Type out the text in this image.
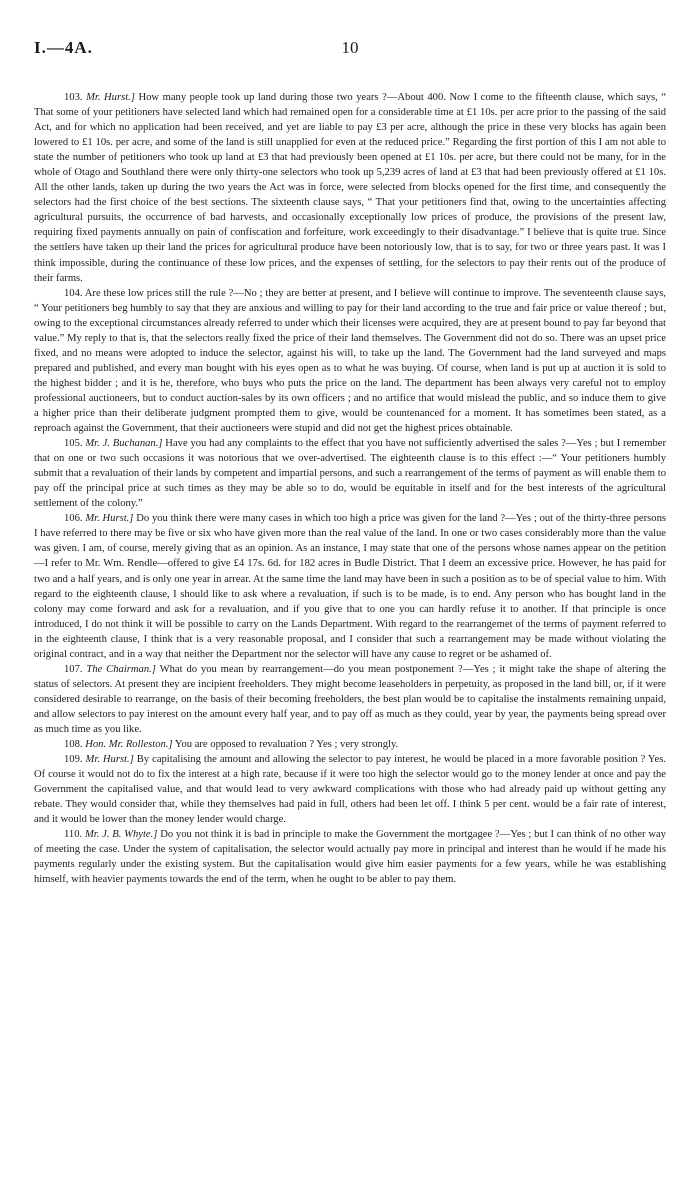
I.—4A.	10

103. Mr. Hurst.] How many people took up land during those two years ?—About 400. Now I come to the fifteenth clause, which says, “ That some of your petitioners have selected land which had remained open for a considerable time at £1 10s. per acre prior to the passing of the said Act, and for which no application had been received, and yet are liable to pay £3 per acre, although the price in these very blocks has again been lowered to £1 10s. per acre, and some of the land is still unapplied for even at the reduced price.” Regarding the first portion of this I am not able to state the number of petitioners who took up land at £3 that had previously been opened at £1 10s. per acre, but there could not be many, for in the whole of Otago and Southland there were only thirty-one selectors who took up 5,239 acres of land at £3 that had been previously offered at £1 10s. All the other lands, taken up during the two years the Act was in force, were selected from blocks opened for the first time, and consequently the selectors had the first choice of the best sections. The sixteenth clause says, “ That your petitioners find that, owing to the uncertainties affecting agricultural pursuits, the occurrence of bad harvests, and occasionally exceptionally low prices of produce, the provisions of the present law, requiring fixed payments annually on pain of confiscation and forfeiture, work exceedingly to their disadvantage.” I believe that is quite true. Since the settlers have taken up their land the prices for agricultural produce have been notoriously low, that is to say, for two or three years past. It was I think impossible, during the continuance of these low prices, and the expenses of settling, for the selectors to pay their rents out of the produce of their farms.

104. Are these low prices still the rule ?—No ; they are better at present, and I believe will continue to improve. The seventeenth clause says, “ Your petitioners beg humbly to say that they are anxious and willing to pay for their land according to the true and fair price or value thereof ; but, owing to the exceptional circumstances already referred to under which their licenses were acquired, they are at present bound to pay far beyond that value.” My reply to that is, that the selectors really fixed the price of their land themselves. The Government did not do so. There was an upset price fixed, and no means were adopted to induce the selector, against his will, to take up the land. The Government had the land surveyed and maps prepared and published, and every man bought with his eyes open as to what he was buying. Of course, when land is put up at auction it is sold to the highest bidder ; and it is he, therefore, who buys who puts the price on the land. The department has been always very careful not to employ professional auctioneers, but to conduct auction-sales by its own officers ; and no artifice that would mislead the public, and so induce them to give a higher price than their deliberate judgment prompted them to give, would be countenanced for a moment. It has sometimes been stated, as a reproach against the Government, that their auctioneers were stupid and did not get the highest prices obtainable.

105. Mr. J. Buchanan.] Have you had any complaints to the effect that you have not sufficiently advertised the sales ?—Yes ; but I remember that on one or two such occasions it was notorious that we over-advertised. The eighteenth clause is to this effect :—“ Your petitioners humbly submit that a revaluation of their lands by competent and impartial persons, and such a rearrangement of the terms of payment as will enable them to pay off the principal price at such times as they may be able so to do, would be equitable in itself and for the best interests of the agricultural settlement of the colony.”

106. Mr. Hurst.] Do you think there were many cases in which too high a price was given for the land ?—Yes ; out of the thirty-three persons I have referred to there may be five or six who have given more than the real value of the land. In one or two cases considerably more than the value was given. I am, of course, merely giving that as an opinion. As an instance, I may state that one of the persons whose names appear on the petition—I refer to Mr. Wm. Rendle—offered to give £4 17s. 6d. for 182 acres in Budle District. That I deem an excessive price. However, he has paid for two and a half years, and is only one year in arrear. At the same time the land may have been in such a position as to be of special value to him. With regard to the eighteenth clause, I should like to ask where a revaluation, if such is to be made, is to end. Any person who has bought land in the colony may come forward and ask for a revaluation, and if you give that to one you can hardly refuse it to another. If that principle is once introduced, I do not think it will be possible to carry on the Lands Department. With regard to the rearrangemet of the terms of payment referred to in the eighteenth clause, I think that is a very reasonable proposal, and I consider that such a rearrangement may be made without violating the original contract, and in a way that neither the Department nor the selector will have any cause to regret or be ashamed of.

107. The Chairman.] What do you mean by rearrangement—do you mean postponement ?—Yes ; it might take the shape of altering the status of selectors. At present they are incipient freeholders. They might become leaseholders in perpetuity, as proposed in the land bill, or, if it were considered desirable to rearrange, on the basis of their becoming freeholders, the best plan would be to capitalise the instalments remaining unpaid, and allow selectors to pay interest on the amount every half year, and to pay off as much as they could, year by year, the payments being spread over as much time as you like.

108. Hon. Mr. Rolleston.] You are opposed to revaluation ? Yes ; very strongly.

109. Mr. Hurst.] By capitalising the amount and allowing the selector to pay interest, he would be placed in a more favorable position ? Yes. Of course it would not do to fix the interest at a high rate, because if it were too high the selector would go to the money lender at once and pay the Government the capitalised value, and that would lead to very awkward complications with those who had already paid up without getting any rebate. They would consider that, while they themselves had paid in full, others had been let off. I think 5 per cent. would be a fair rate of interest, and it would be lower than the money lender would charge.

110. Mr. J. B. Whyte.] Do you not think it is bad in principle to make the Government the mortgagee ?—Yes ; but I can think of no other way of meeting the case. Under the system of capitalisation, the selector would actually pay more in principal and interest than he would if he made his payments regularly under the existing system. But the capitalisation would give him easier payments for a few years, while he was establishing himself, with heavier payments towards the end of the term, when he ought to be abler to pay them.
